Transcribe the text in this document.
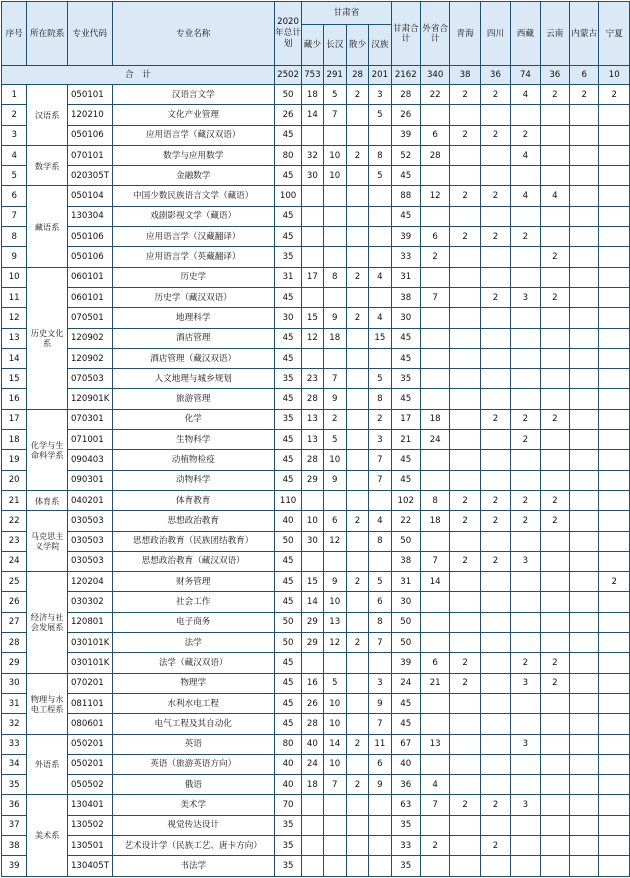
序号	所在院系	专业代码	专业名称	2020年总计划	甘肃省				甘肃合计	外省合计	青海	四川	西藏	云南	内蒙古	宁夏
					藏少	长汉	散少	汉族								
合　计				2502	753	291	28	201	2162	340	38	36	74	36	6	10
1	汉语系	050101	汉语言文学	50	18	5	2	3	28	22	2	2	4	2	2	2
2		120210	文化产业管理	26	14	7		5	26							
3		050106	应用语言学（藏汉双语）	45					39	6	2	2	2			
4	数学系	070101	数学与应用数学	80	32	10	2	8	52	28			4			
5		020305T	金融数学	45	30	10		5	45							
6	藏语系	050104	中国少数民族语言文学（藏语）	100					88	12	2	2	4	4		
7		130304	戏剧影视文学（藏语）	45					45							
8		050106	应用语言学（汉藏翻译）	45					39	6	2	2	2			
9		050106	应用语言学（英藏翻译）	35					33	2				2		
10	历史文化系	060101	历史学	31	17	8	2	4	31							
11		060101	历史学（藏汉双语）	45					38	7		2	3	2		
12		070501	地理科学	30	15	9	2	4	30							
13		120902	酒店管理	45	12	18		15	45							
14		120902	酒店管理（藏汉双语）	45					45							
15		070503	人文地理与城乡规划	35	23	7		5	35							
16		120901K	旅游管理	45	28	9		8	45							
17	化学与生命科学系	070301	化学	35	13	2		2	17	18		2	2	2		
18		071001	生物科学	45	13	5		3	21	24			2			
19		090403	动植物检疫	45	28	10		7	45							
20		090301	动物科学	45	29	9		7	45							
21	体育系	040201	体育教育	110					102	8	2	2	2	2		
22	马克思主义学院	030503	思想政治教育	40	10	6	2	4	22	18	2	2	2	2		
23		030503	思想政治教育（民族团结教育）	50	30	12		8	50							
24		030503	思想政治教育（藏汉双语）	45					38	7	2	2	3			
25	经济与社会发展系	120204	财务管理	45	15	9	2	5	31	14						2
26		030302	社会工作	45	14	10		6	30							
27		120801	电子商务	50	29	13		8	50							
28		030101K	法学	50	29	12	2	7	50							
29		030101K	法学（藏汉双语）	45					39	6	2		2	2		
30	物理与水电工程系	070201	物理学	45	16	5		3	24	21	2		3	2		
31		081101	水利水电工程	45	26	10		9	45							
32		080601	电气工程及其自动化	45	28	10		7	45							
33	外语系	050201	英语	80	40	14	2	11	67	13			3			
34		050201	英语（旅游英语方向）	40	24	10		6	40							
35		050502	俄语	40	18	7	2	9	36	4						
36	美术系	130401	美术学	70					63	7	2	2	3			
37		130502	视觉传达设计	35					35							
38		130501	艺术设计学（民族工艺、唐卡方向）	35					33	2		2				
39		130405T	书法学	35					35							
